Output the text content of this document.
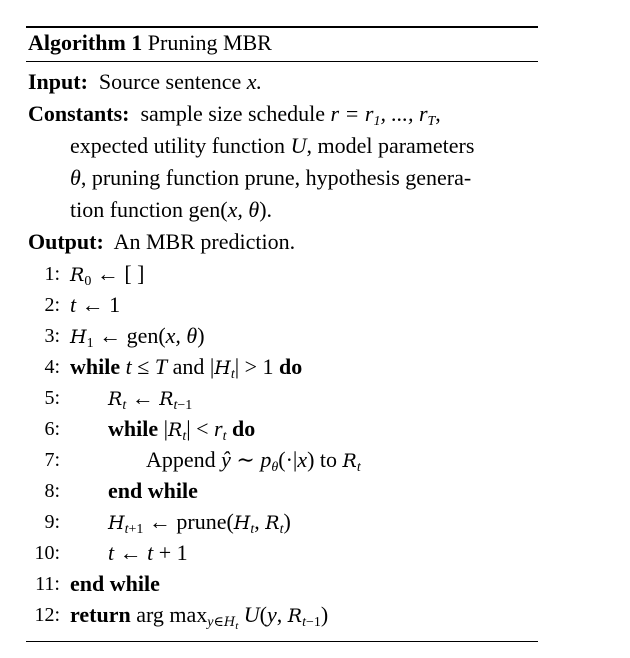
Algorithm 1 Pruning MBR
Input: Source sentence x.
Constants: sample size schedule $r = r_1$, ..., $r_T$,
expected utility function U, model parameters
θ, pruning function prune, hypothesis genera-
tion function gen(x, θ).
Output: An MBR prediction.
1:
2:
3:
4:
5:
6:
7:
8:
9:
10:
11:
12:
$R_0$ ← [ ]
t ← 1
$H_1$ ← gen(x, θ)
while t ≤ T and $|H_t| > 1$ do
$R_t$ ← $R_{t-1}$
while $|R_t| < r_t$ do
Append ŷ ∼ $p_\theta(\cdot|x)$ to $R_t$
end while
$H_{t+1}$ ← $prune(H_t$, $R_t$)
t ← t + 1
end while
return arg $\max_{y\in H_t} U(y$, $R_{t-1}$)
